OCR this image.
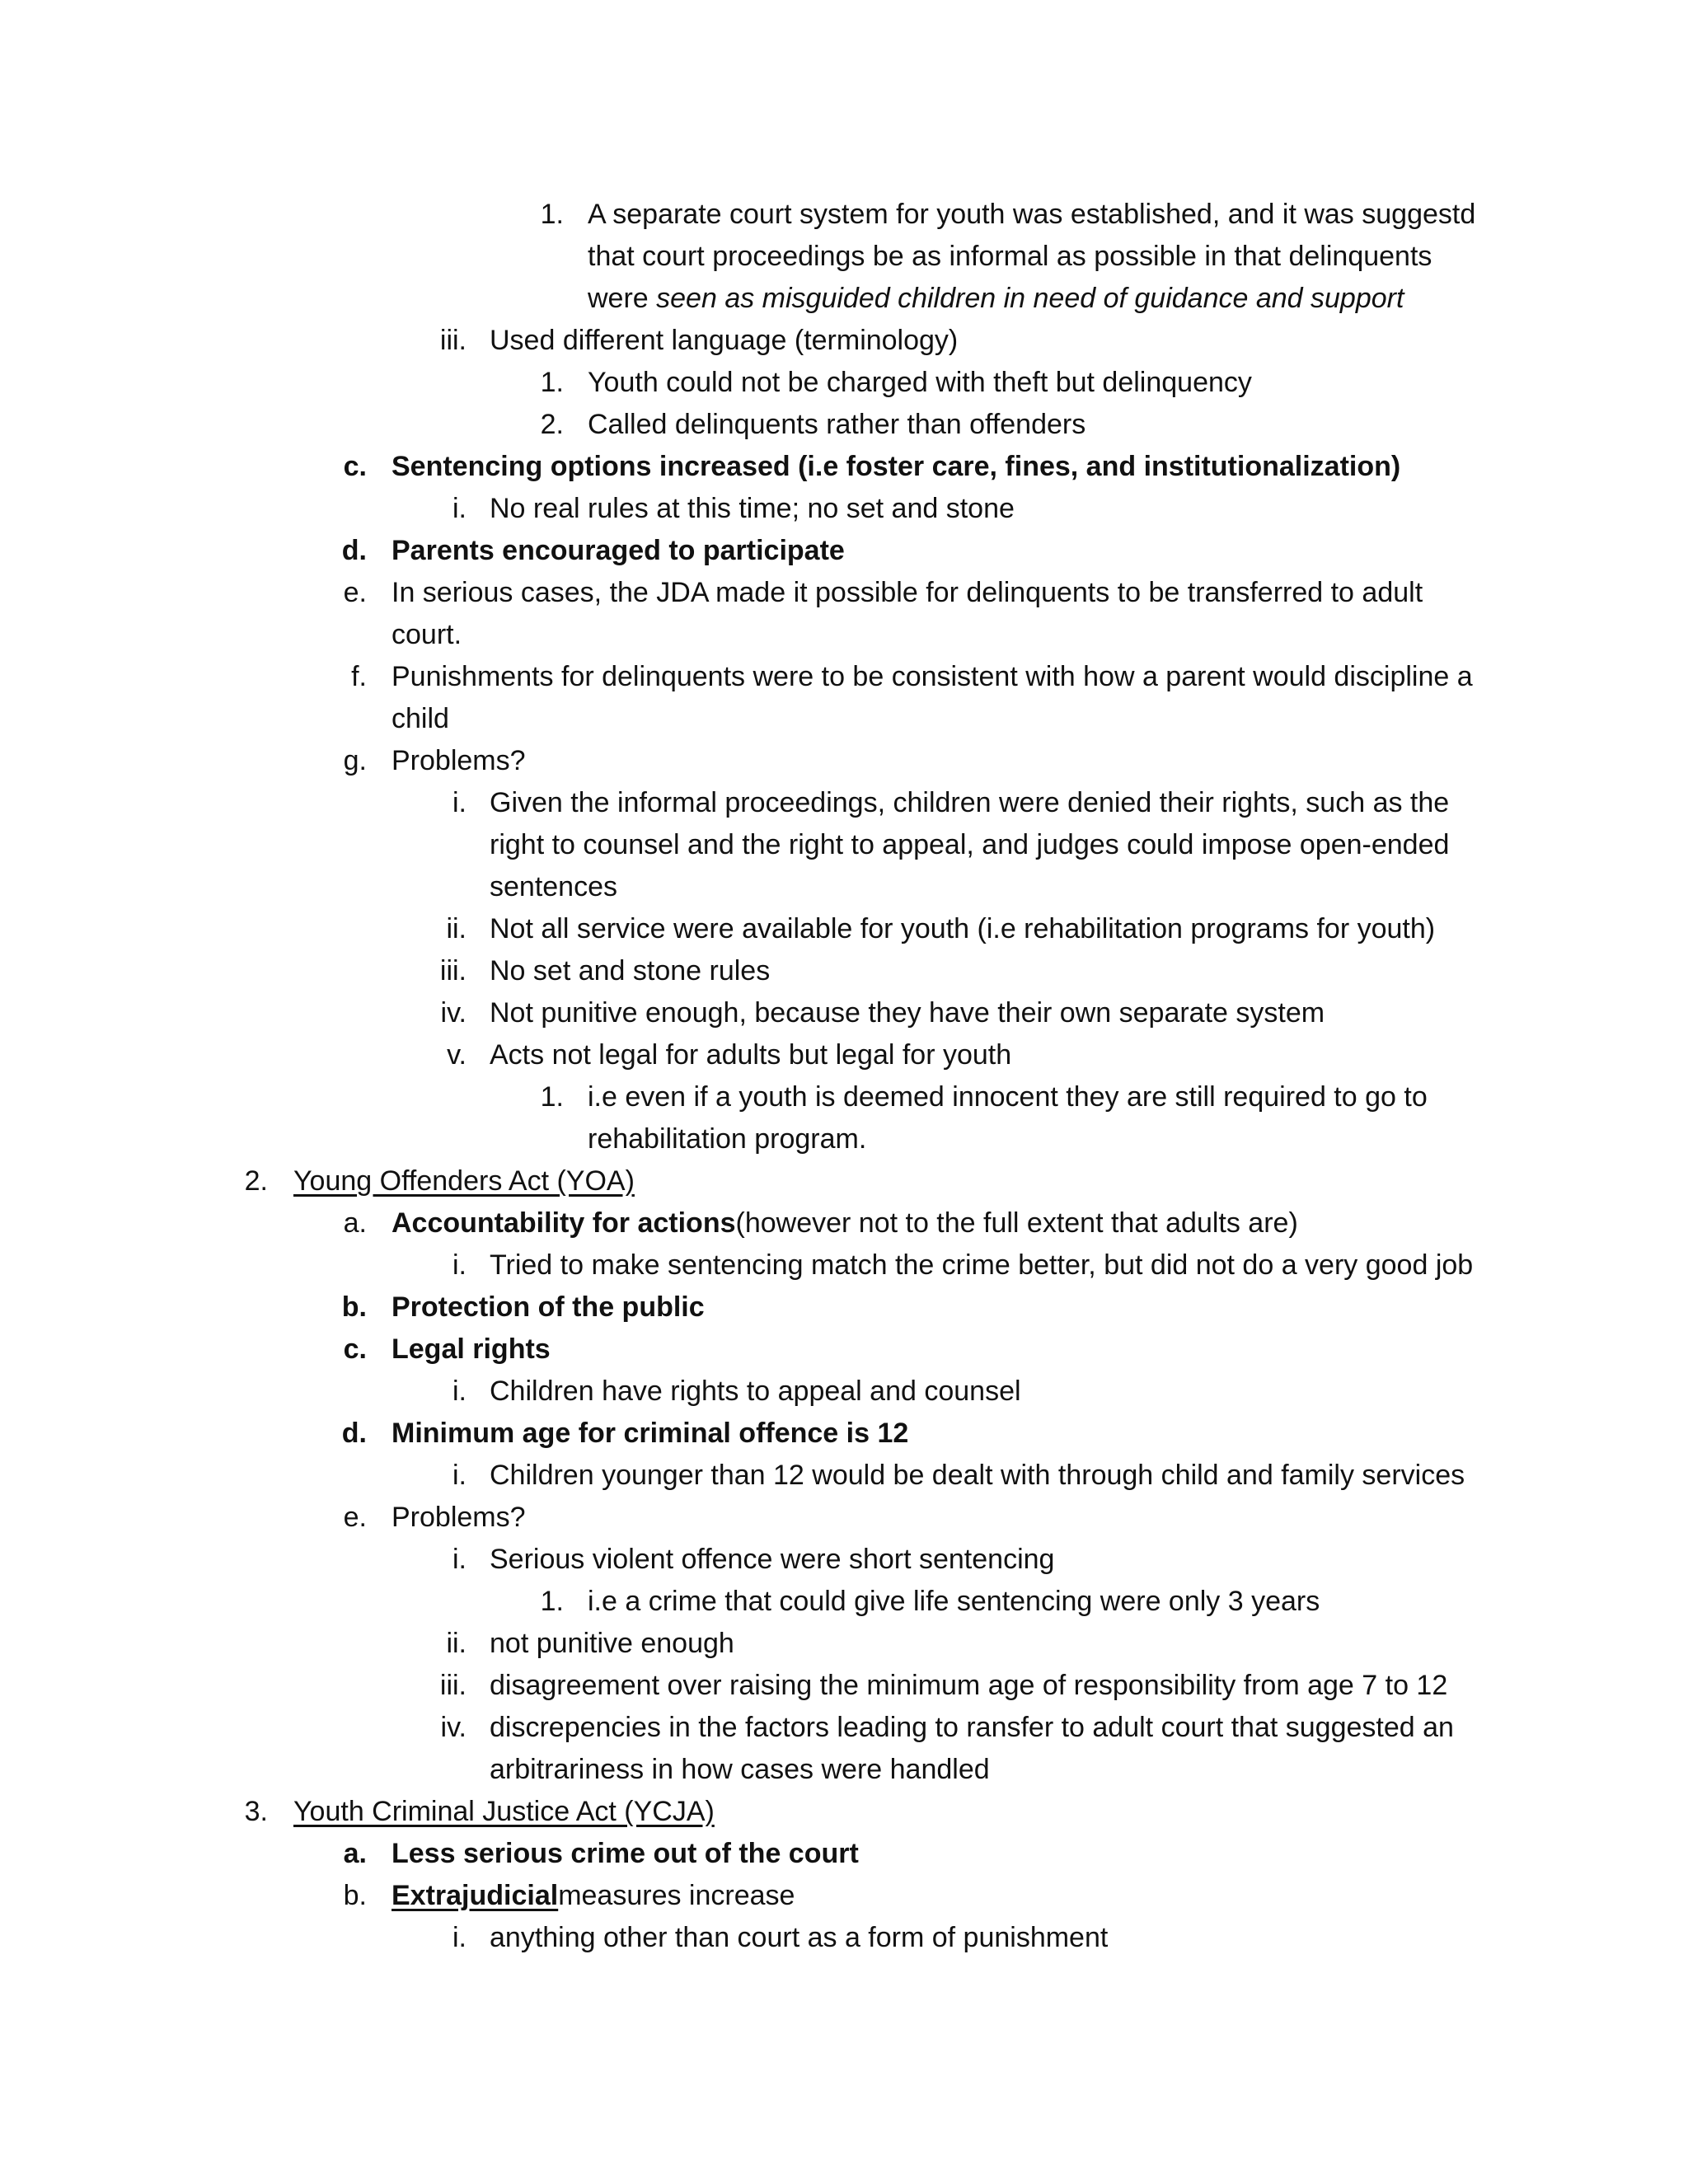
1. A separate court system for youth was established, and it was suggestd
that court proceedings be as informal as possible in that delinquents
were seen as misguided children in need of guidance and support
iii. Used different language (terminology)
1. Youth could not be charged with theft but delinquency
2. Called delinquents rather than offenders
c. Sentencing options increased (i.e foster care, fines, and institutionalization)
i. No real rules at this time; no set and stone
d. Parents encouraged to participate
e. In serious cases, the JDA made it possible for delinquents to be transferred to adult
court.
f. Punishments for delinquents were to be consistent with how a parent would discipline a
child
g. Problems?
i. Given the informal proceedings, children were denied their rights, such as the
right to counsel and the right to appeal, and judges could impose open-ended
sentences
ii. Not all service were available for youth (i.e rehabilitation programs for youth)
iii. No set and stone rules
iv. Not punitive enough, because they have their own separate system
v. Acts not legal for adults but legal for youth
1. i.e even if a youth is deemed innocent they are still required to go to
rehabilitation program.
2. Young Offenders Act (YOA)
a. Accountability for actions(however not to the full extent that adults are)
i. Tried to make sentencing match the crime better, but did not do a very good job
b. Protection of the public
c. Legal rights
i. Children have rights to appeal and counsel
d. Minimum age for criminal offence is 12
i. Children younger than 12 would be dealt with through child and family services
e. Problems?
i. Serious violent offence were short sentencing
1. i.e a crime that could give life sentencing were only 3 years
ii. not punitive enough
iii. disagreement over raising the minimum age of responsibility from age 7 to 12
iv. discrepencies in the factors leading to ransfer to adult court that suggested an
arbitrariness in how cases were handled
3. Youth Criminal Justice Act (YCJA)
a. Less serious crime out of the court
b. Extrajudicialmeasures increase
i. anything other than court as a form of punishment
